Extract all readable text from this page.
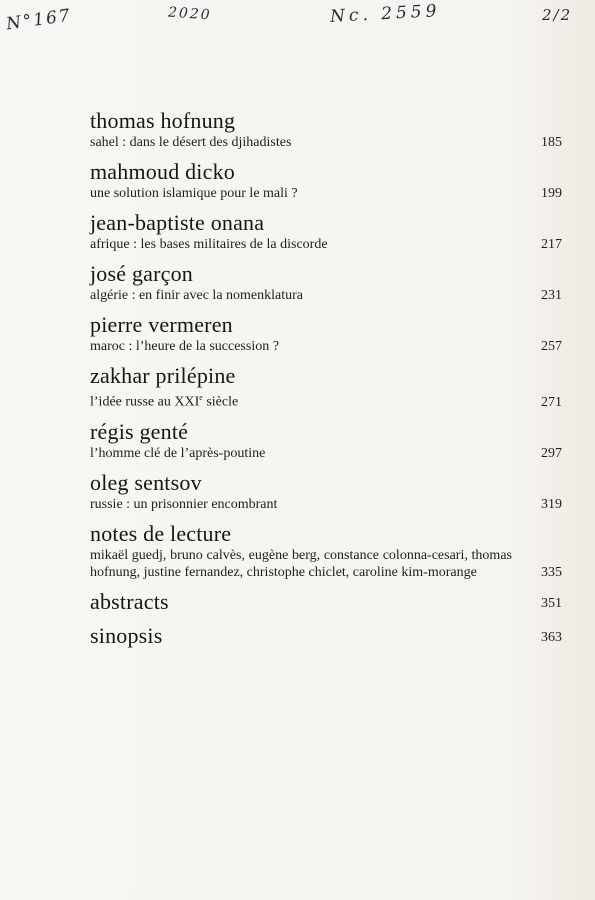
N°167	2020	Nc. 2559	2/2
thomas hofnung
sahel : dans le désert des djihadistes	185
mahmoud dicko
une solution islamique pour le mali ?	199
jean-baptiste onana
afrique : les bases militaires de la discorde	217
josé garçon
algérie : en finir avec la nomenklatura	231
pierre vermeren
maroc : l’heure de la succession ?	257
zakhar prilépine
l’idée russe au XXIe siècle	271
régis genté
l’homme clé de l’après-poutine	297
oleg sentsov
russie : un prisonnier encombrant	319
notes de lecture
mikaël guedj, bruno calvès, eugène berg, constance colonna-cesari, thomas hofnung, justine fernandez, christophe chiclet, caroline kim-morange	335
abstracts	351
sinopsis	363
